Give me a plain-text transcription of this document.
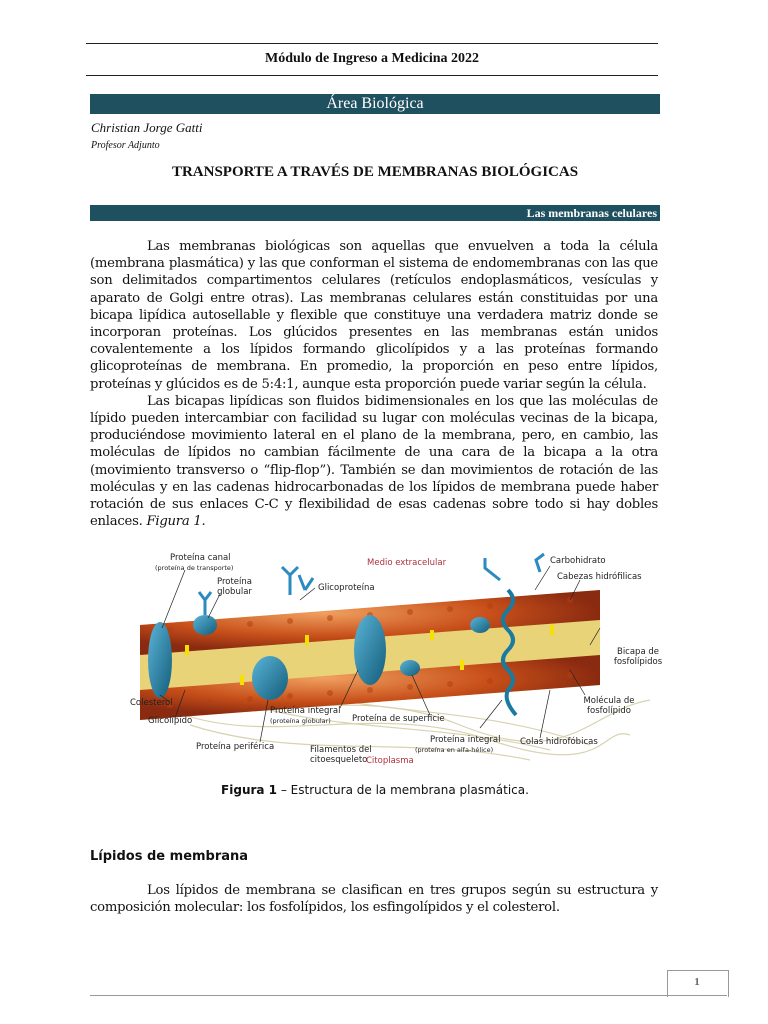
Módulo de Ingreso a Medicina 2022
Área Biológica
Christian Jorge Gatti
Profesor Adjunto
TRANSPORTE A TRAVÉS DE MEMBRANAS BIOLÓGICAS
Las membranas celulares

Las membranas biológicas son aquellas que envuelven a toda la célula (membrana plasmática) y las que conforman el sistema de endomembranas con las que son delimitados compartimentos celulares (retículos endoplasmáticos, vesículas y aparato de Golgi entre otras). Las membranas celulares están constituidas por una bicapa lipídica autosellable y flexible que constituye una verdadera matriz donde se incorporan proteínas. Los glúcidos presentes en las membranas están unidos covalentemente a los lípidos formando glicolípidos y a las proteínas formando glicoproteínas de membrana. En promedio, la proporción en peso entre lípidos, proteínas y glúcidos es de 5:4:1, aunque esta proporción puede variar según la célula.

Las bicapas lipídicas son fluidos bidimensionales en los que las moléculas de lípido pueden intercambiar con facilidad su lugar con moléculas vecinas de la bicapa, produciéndose movimiento lateral en el plano de la membrana, pero, en cambio, las moléculas de lípidos no cambian fácilmente de una cara de la bicapa a la otra (movimiento transverso o “flip-flop”). También se dan movimientos de rotación de las moléculas y en las cadenas hidrocarbonadas de los lípidos de membrana puede haber rotación de sus enlaces C-C y flexibilidad de esas cadenas sobre todo si hay dobles enlaces. Figura 1.

Proteína canal
(proteína de transporte)
Proteína globular	Glicoproteína
Medio extracelular	Carbohidrato
Cabezas hidrófilicas
Bicapa de fosfolípidos
Colesterol
Glicolípido
Proteína integral
(proteína globular) Proteína de superficie
Molécula de fosfolípido
Proteína periférica	Filamentos del citoesqueleto
Citoplasma
Proteína integral
(proteína en alfa-hélice)
Colas hidrofóbicas
Figura 1 – Estructura de la membrana plasmática.
Lípidos de membrana

Los lípidos de membrana se clasifican en tres grupos según su estructura y composición molecular: los fosfolípidos, los esfingolípidos y el colesterol.

1
